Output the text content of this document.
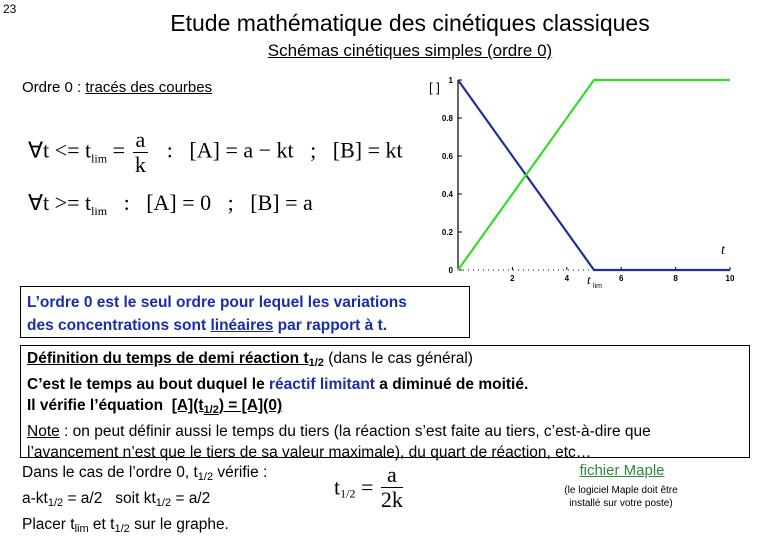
23
Etude mathématique des cinétiques classiques
Schémas cinétiques simples (ordre 0)
Ordre 0 : tracés des courbes
∀t <= $t_{lim} = \frac{a}{k}$ :   [A] = a − kt   ;   [B] = kt
∀t >= $t_{lim}$   :   [A] = 0   ;   [B] = a
0
0.2
0.4
0.6
0.8
1
2	4	6	8	10
[ ]
t
t lim
L’ordre 0 est le seul ordre pour lequel les variations
des concentrations sont linéaires par rapport à t.
Définition du temps de demi réaction t1/2 (dans le cas général)
C’est le temps au bout duquel le réactif limitant a diminué de moitié.
Il vérifie l’équation  [A](t1/2) = [A](0)
Note : on peut définir aussi le temps du tiers (la réaction s’est faite au tiers, c’est-à-dire que
l’avancement n’est que le tiers de sa valeur maximale), du quart de réaction, etc…
Dans le cas de l’ordre 0, t1/2 vérifie :
a-kt1/2 = a/2   soit kt1/2 = a/2
Placer tlim et t1/2 sur le graphe.
$t_{1/2} = \frac{a}{2k}$	fichier Maple
(le logiciel Maple doit être
installé sur votre poste)
